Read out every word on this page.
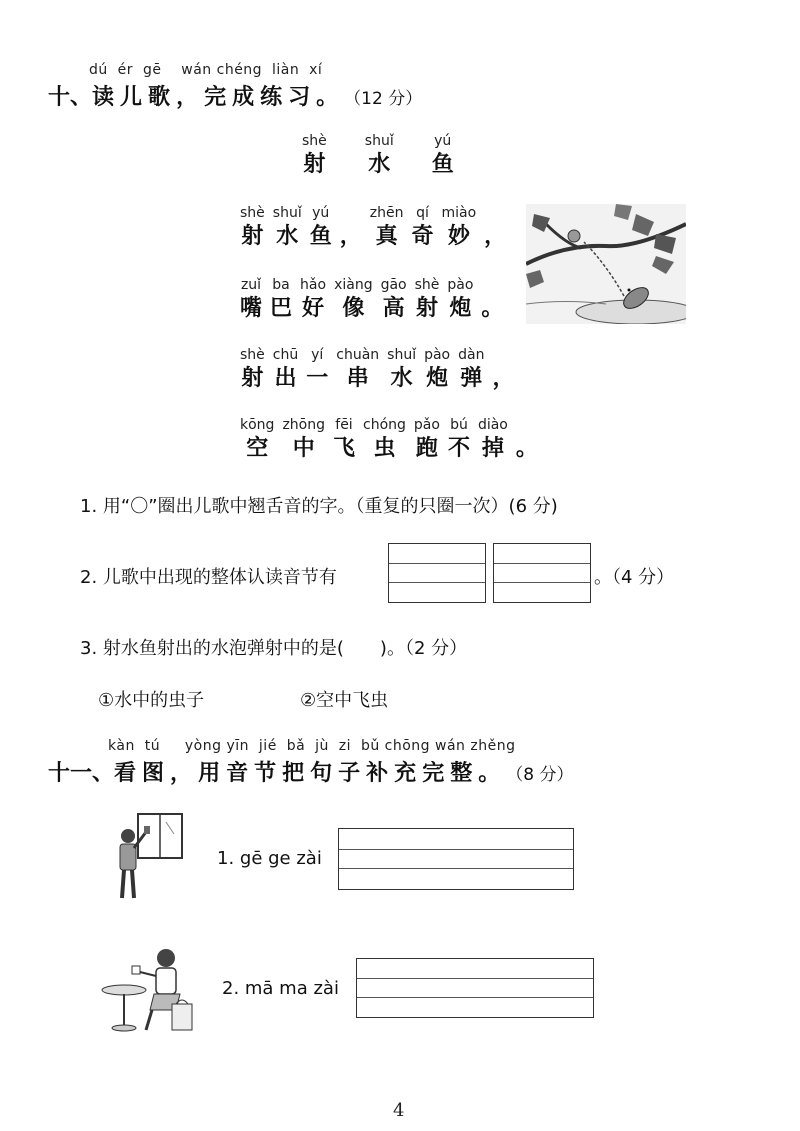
dú ér gē wán chéng liàn xí
十、 读儿歌，完成练习。 （12 分）
shè
射
shuǐ
水
yú
鱼
shè
射
shuǐ
水
yú
鱼
，
zhēn
真
qí
奇
miào
妙
，
zuǐ
嘴
ba
巴
hǎo
好
xiàng
像
gāo
高
shè
射
pào
炮
。
shè
射
chū
出
yí
一
chuàn
串
shuǐ
水
pào
炮
dàn
弹
，
kōng
空
zhōng
中
fēi
飞
chóng
虫
pǎo
跑
bú
不
diào
掉
。
1. 用“〇”圈出儿歌中翘舌音的字。（重复的只圈一次）(6 分)
2. 儿歌中出现的整体认读音节有	。（4 分）
3. 射水鱼射出的水泡弹射中的是(　　)。（2 分）
①水中的虫子	②空中飞虫
kàn tú yòng yīn jié bǎ jù zi bǔ chōng wán zhěng
十一、 看图，用音节把句子补充完整。 （8 分）
1. gē ge zài
2. mā ma zài
4
